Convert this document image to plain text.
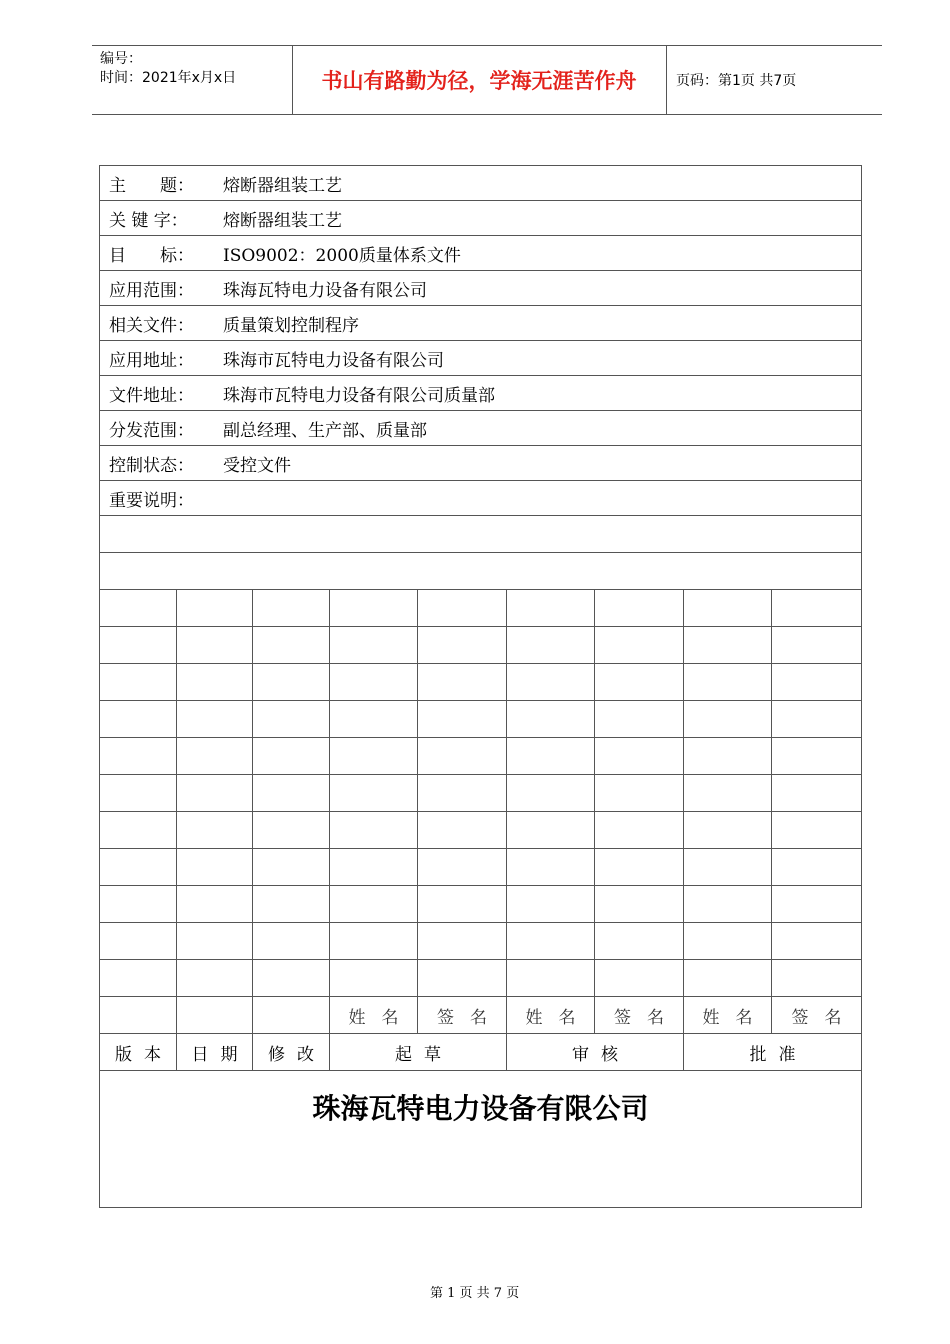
编号：
时间：2021年x月x日	书山有路勤为径，学海无涯苦作舟	页码：第1页 共7页
主　　题： 熔断器组装工艺								
关 键 字： 熔断器组装工艺								
目　　标： ISO9002：2000质量体系文件								
应用范围： 珠海瓦特电力设备有限公司								
相关文件： 质量策划控制程序								
应用地址： 珠海市瓦特电力设备有限公司								
文件地址： 珠海市瓦特电力设备有限公司质量部								
分发范围： 副总经理、生产部、质量部								
控制状态： 受控文件								
重要说明：								

			姓名	签名	姓名	签名	姓名	签名
版本	日期	修改	起草		审核		批准	

珠海瓦特电力设备有限公司								
第 1 页 共 7 页
